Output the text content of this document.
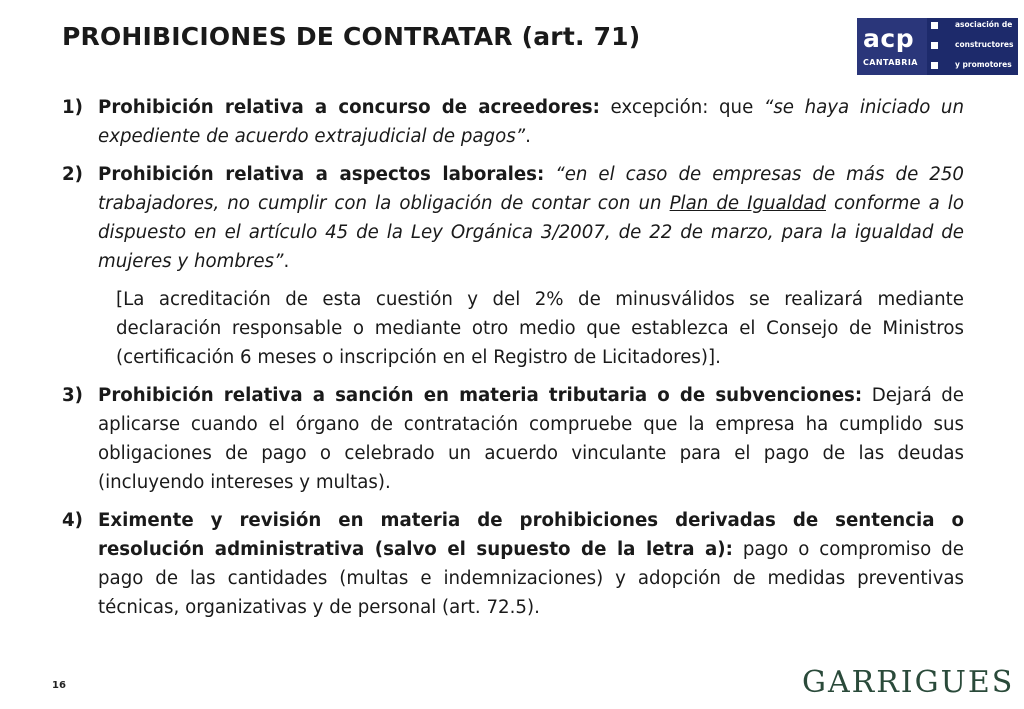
PROHIBICIONES DE CONTRATAR (art. 71)	acp
CANTABRIA
asociación de
constructores
y promotores
1) Prohibición relativa a concurso de acreedores: excepción: que “se haya iniciado un expediente de acuerdo extrajudicial de pagos”.
2) Prohibición relativa a aspectos laborales: “en el caso de empresas de más de 250 trabajadores, no cumplir con la obligación de contar con un Plan de Igualdad conforme a lo dispuesto en el artículo 45 de la Ley Orgánica 3/2007, de 22 de marzo, para la igualdad de mujeres y hombres”.
[La acreditación de esta cuestión y del 2% de minusválidos se realizará mediante declaración responsable o mediante otro medio que establezca el Consejo de Ministros (certificación 6 meses o inscripción en el Registro de Licitadores)].
3) Prohibición relativa a sanción en materia tributaria o de subvenciones: Dejará de aplicarse cuando el órgano de contratación compruebe que la empresa ha cumplido sus obligaciones de pago o celebrado un acuerdo vinculante para el pago de las deudas (incluyendo intereses y multas).
4) Eximente y revisión en materia de prohibiciones derivadas de sentencia o resolución administrativa (salvo el supuesto de la letra a): pago o compromiso de pago de las cantidades (multas e indemnizaciones) y adopción de medidas preventivas técnicas, organizativas y de personal (art. 72.5).
16	GARRIGUES
